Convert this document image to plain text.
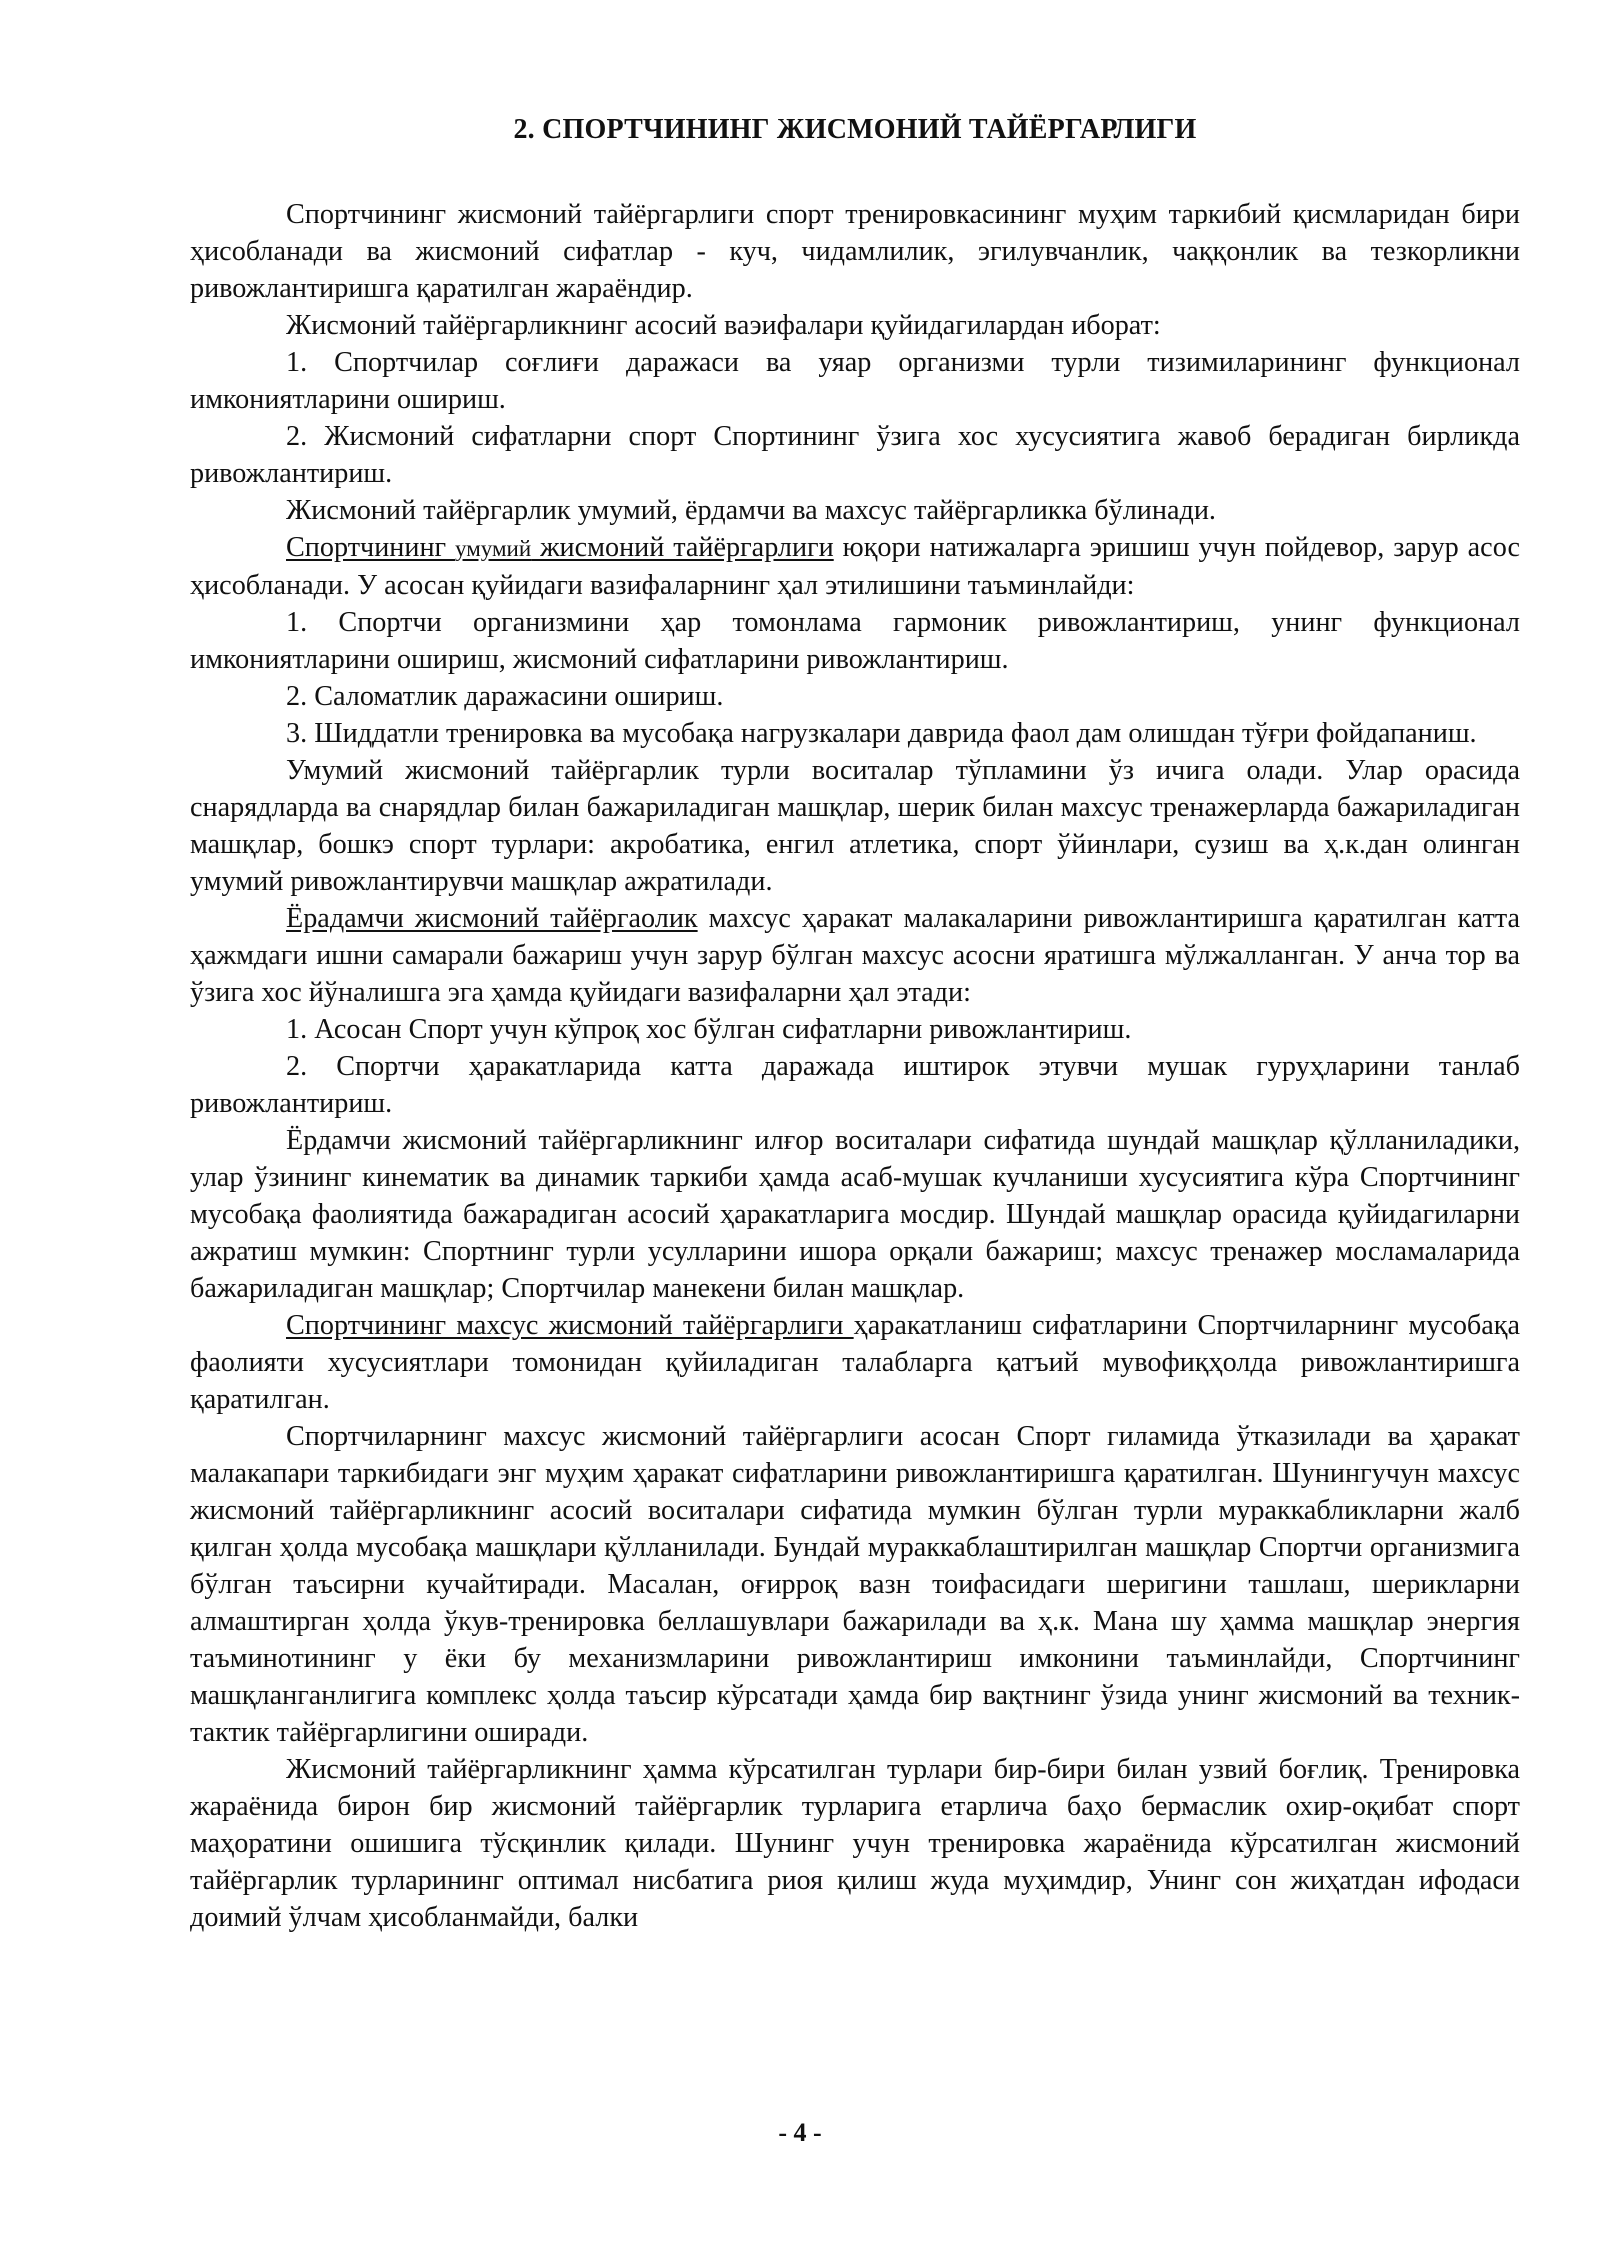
2. СПОРТЧИНИНГ ЖИСМОНИЙ ТАЙЁРГАРЛИГИ

Спортчининг жисмоний тайёргарлиги спорт тренировкасининг муҳим таркибий қисмларидан бири ҳисобланади ва жисмоний сифатлар - куч, чидамлилик, эгилувчанлик, чаққонлик ва тезкорликни ривожлантиришга қаратилган жараёндир.

Жисмоний тайёргарликнинг асосий ваэифалари қуйидагилардан иборат:

1. Спортчилар соғлиғи даражаси ва уяар организми турли тизимиларининг функционал имкониятларини ошириш.

2. Жисмоний сифатларни спорт Спортининг ўзига хос хусусиятига жавоб берадиган бирликда ривожлантириш.

Жисмоний тайёргарлик умумий, ёрдамчи ва махсус тайёргарликка бўлинади.

Спортчининг умумий жисмоний тайёргарлиги юқори натижаларга эришиш учун пойдевор, зарур асос ҳисобланади. У асосан қуйидаги вазифаларнинг ҳал этилишини таъминлайди:

1. Спортчи организмини ҳар томонлама гармоник ривожлантириш, унинг функционал имкониятларини ошириш, жисмоний сифатларини ривожлантириш.

2. Саломатлик даражасини ошириш.

3. Шиддатли тренировка ва мусобақа нагрузкалари даврида фаол дам олишдан тўғри фойдапаниш.

Умумий жисмоний тайёргарлик турли воситалар тўпламини ўз ичига олади. Улар орасида снарядларда ва снарядлар билан бажариладиган машқлар, шерик билан махсус тренажерларда бажариладиган машқлар, бошкэ спорт турлари: акробатика, енгил атлетика, спорт ўйинлари, сузиш ва ҳ.к.дан олинган умумий ривожлантирувчи машқлар ажратилади.

Ёрадамчи жисмоний тайёргаолик махсус ҳаракат малакаларини ривожлантиришга қаратилган катта ҳажмдаги ишни самарали бажариш учун зарур бўлган махсус асосни яратишга мўлжалланган. У анча тор ва ўзига хос йўналишга эга ҳамда қуйидаги вазифаларни ҳал этади:

1. Асосан Спорт учун кўпроқ хос бўлган сифатларни ривожлантириш.

2. Спортчи ҳаракатларида катта даражада иштирок этувчи мушак гуруҳларини танлаб ривожлантириш.

Ёрдамчи жисмоний тайёргарликнинг илғор воситалари сифатида шундай машқлар қўлланиладики, улар ўзининг кинематик ва динамик таркиби ҳамда асаб-мушак кучланиши хусусиятига кўра Спортчининг мусобақа фаолиятида бажарадиган асосий ҳаракатларига мосдир. Шундай машқлар орасида қуйидагиларни ажратиш мумкин: Спортнинг турли усулларини ишора орқали бажариш; махсус тренажер мосламаларида бажариладиган машқлар; Спортчилар манекени билан машқлар.

Спортчининг махсус жисмоний тайёргарлиги ҳаракатланиш сифатларини Спортчиларнинг мусобақа фаолияти хусусиятлари томонидан қуйиладиган талабларга қатъий мувофиқҳолда ривожлантиришга қаратилган.

Спортчиларнинг махсус жисмоний тайёргарлиги асосан Спорт гиламида ўтказилади ва ҳаракат малакапари таркибидаги энг муҳим ҳаракат сифатларини ривожлантиришга қаратилган. Шунингучун махсус жисмоний тайёргарликнинг асосий воситалари сифатида мумкин бўлган турли мураккабликларни жалб қилган ҳолда мусобақа машқлари қўлланилади. Бундай мураккаблаштирилган машқлар Спортчи организмига бўлган таъсирни кучайтиради. Масалан, оғирроқ вазн тоифасидаги шеригини ташлаш, шерикларни алмаштирган ҳолда ўкув-тренировка беллашувлари бажарилади ва ҳ.к. Мана шу ҳамма машқлар энергия таъминотининг у ёки бу механизмларини ривожлантириш имконини таъминлайди, Спортчининг машқланганлигига комплекс ҳолда таъсир кўрсатади ҳамда бир вақтнинг ўзида унинг жисмоний ва техник-тактик тайёргарлигини оширади.

Жисмоний тайёргарликнинг ҳамма кўрсатилган турлари бир-бири билан узвий боғлиқ. Тренировка жараёнида бирон бир жисмоний тайёргарлик турларига етарлича баҳо бермаслик охир-оқибат спорт маҳоратини ошишига тўсқинлик қилади. Шунинг учун тренировка жараёнида кўрсатилган жисмоний тайёргарлик турларининг оптимал нисбатига риоя қилиш жуда муҳимдир, Унинг сон жиҳатдан ифодаси доимий ўлчам ҳисобланмайди, балки

- 4 -
